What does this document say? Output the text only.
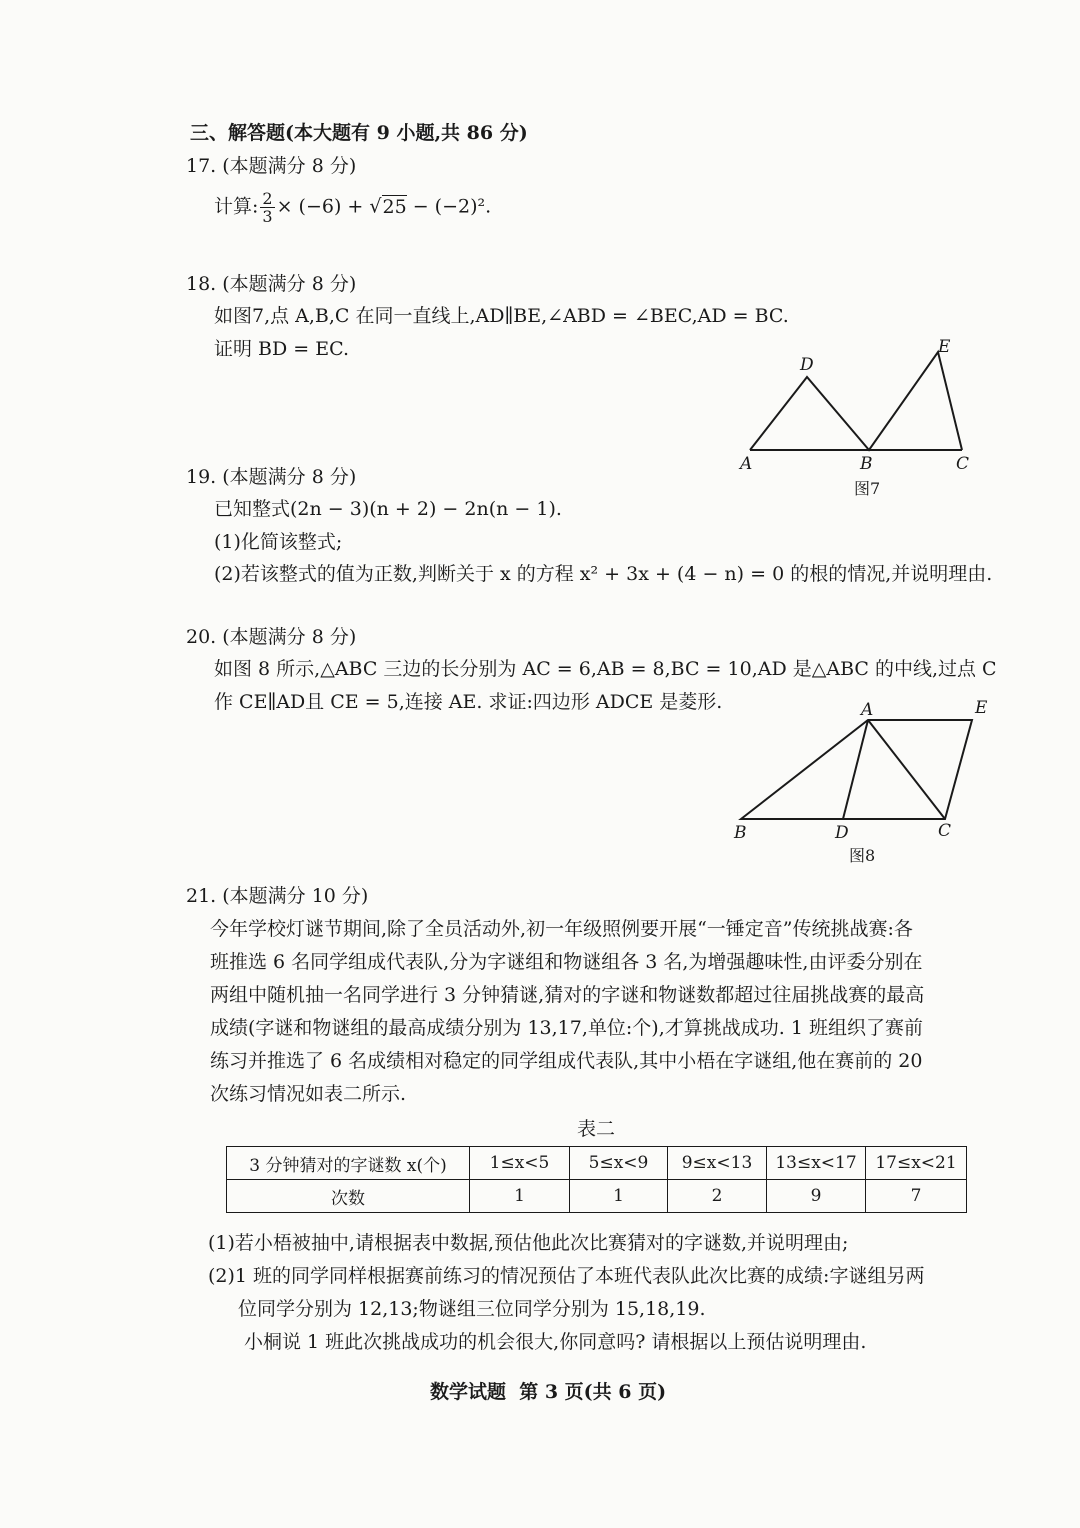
三、解答题(本大题有 9 小题,共 86 分)
17. (本题满分 8 分)
计算: $\frac{2}{3} \times (-6) + √25 - (-2)^2$.
18. (本题满分 8 分)
如图7,点 A,B,C 在同一直线上,AD∥BE,∠ABD = ∠BEC,AD = BC.
证明 BD = EC.
A	B	C
D
E
图7
19. (本题满分 8 分)
已知整式(2n − 3)(n + 2) − 2n(n − 1).
(1)化简该整式;
(2)若该整式的值为正数,判断关于 x 的方程 x² + 3x + (4 − n) = 0 的根的情况,并说明理由.
20. (本题满分 8 分)
如图 8 所示,△ABC 三边的长分别为 AC = 6,AB = 8,BC = 10,AD 是△ABC 的中线,过点 C
作 CE∥AD且 CE = 5,连接 AE. 求证:四边形 ADCE 是菱形.
B	D	C
A	E
图8
21. (本题满分 10 分)
今年学校灯谜节期间,除了全员活动外,初一年级照例要开展“一锤定音”传统挑战赛:各
班推选 6 名同学组成代表队,分为字谜组和物谜组各 3 名,为增强趣味性,由评委分别在
两组中随机抽一名同学进行 3 分钟猜谜,猜对的字谜和物谜数都超过往届挑战赛的最高
成绩(字谜和物谜组的最高成绩分别为 13,17,单位:个),才算挑战成功. 1 班组织了赛前
练习并推选了 6 名成绩相对稳定的同学组成代表队,其中小梧在字谜组,他在赛前的 20
次练习情况如表二所示.
表二
3 分钟猜对的字谜数 x(个)	1≤x<5	5≤x<9	9≤x<13	13≤x<17	17≤x<21
次数	1	1	2	9	7
(1)若小梧被抽中,请根据表中数据,预估他此次比赛猜对的字谜数,并说明理由;
(2)1 班的同学同样根据赛前练习的情况预估了本班代表队此次比赛的成绩:字谜组另两
位同学分别为 12,13;物谜组三位同学分别为 15,18,19.
小桐说 1 班此次挑战成功的机会很大,你同意吗? 请根据以上预估说明理由.
数学试题  第 3 页(共 6 页)
